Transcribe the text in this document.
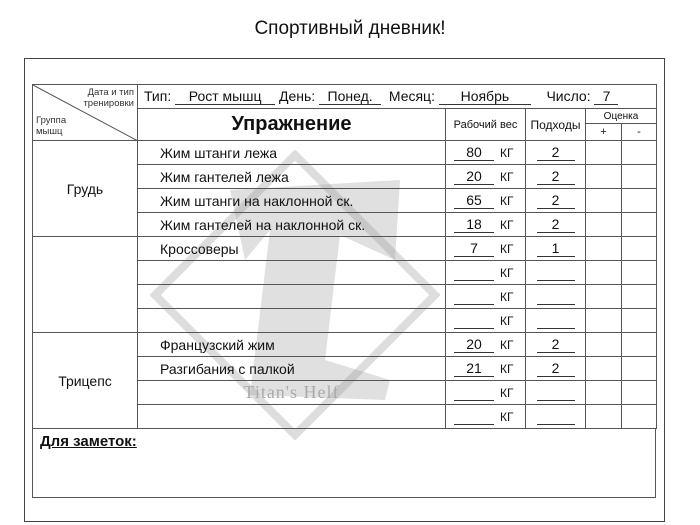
Спортивный дневник!
Дата и тип тренировки
Группа мышц	Тип: Рост мышц День: Понед. Месяц: Ноябрь Число: 7				
	Упражнение	Рабочий вес	Подходы	Оценка	
				+	-
Грудь	Жим штанги лежа	80 КГ	2		
	Жим гантелей лежа	20 КГ	2		
	Жим штанги на наклонной ск.	65 КГ	2		
	Жим гантелей на наклонной ск.	18 КГ	2		
	Кроссоверы	7 КГ	1		
		КГ			
		КГ			
		КГ			
Трицепс	Французский жим	20 КГ	2		
	Разгибания с палкой	21 КГ	2		

	Titan's Helf	КГ			
		КГ			
Для заметок:
